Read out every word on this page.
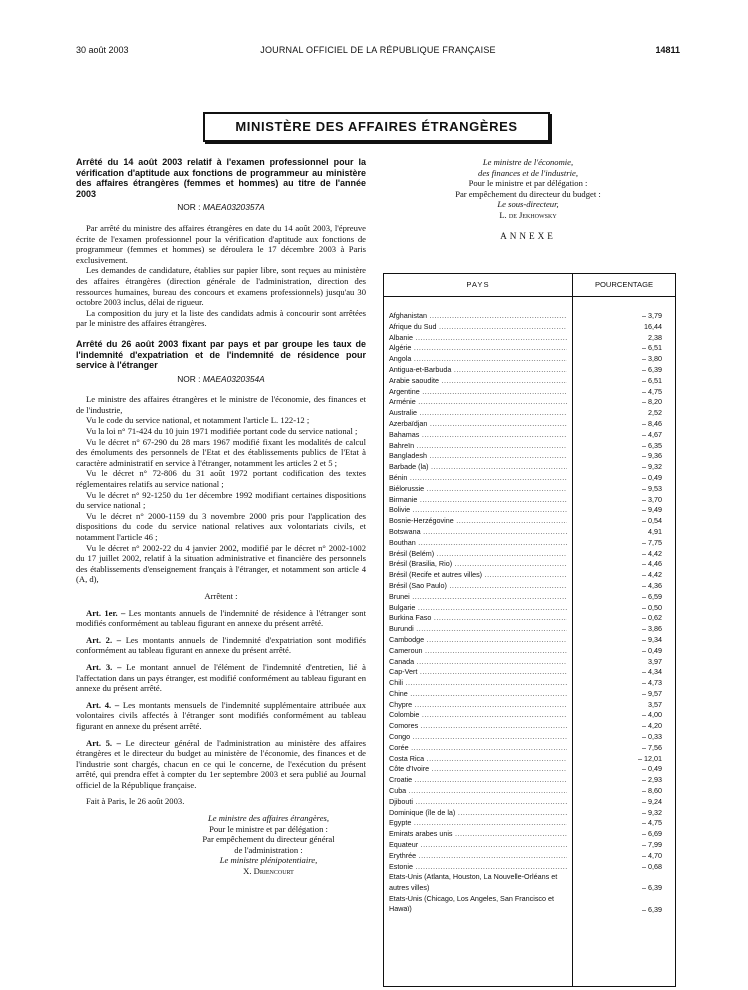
30 août 2003	JOURNAL OFFICIEL DE LA RÉPUBLIQUE FRANÇAISE	14811
MINISTÈRE DES AFFAIRES ÉTRANGÈRES

Arrêté du 14 août 2003 relatif à l'examen professionnel pour la vérification d'aptitude aux fonctions de programmeur au ministère des affaires étrangères (femmes et hommes) au titre de l'année 2003

NOR : MAEA0320357A

Par arrêté du ministre des affaires étrangères en date du 14 août 2003, l'épreuve écrite de l'examen professionnel pour la vérification d'aptitude aux fonctions de programmeur (femmes et hommes) se déroulera le 17 décembre 2003 à Paris exclusivement.

Les demandes de candidature, établies sur papier libre, sont reçues au ministère des affaires étrangères (direction générale de l'administration, direction des ressources humaines, bureau des concours et examens professionnels) jusqu'au 30 octobre 2003 inclus, délai de rigueur.

La composition du jury et la liste des candidats admis à concourir sont arrêtées par le ministre des affaires étrangères.

Arrêté du 26 août 2003 fixant par pays et par groupe les taux de l'indemnité d'expatriation et de l'indemnité de résidence pour service à l'étranger

NOR : MAEA0320354A

Le ministre des affaires étrangères et le ministre de l'économie, des finances et de l'industrie,

Vu le code du service national, et notamment l'article L. 122-12 ;

Vu la loi n° 71-424 du 10 juin 1971 modifiée portant code du service national ;

Vu le décret n° 67-290 du 28 mars 1967 modifié fixant les modalités de calcul des émoluments des personnels de l'Etat et des établissements publics de l'Etat à caractère administratif en service à l'étranger, notamment les articles 2 et 5 ;

Vu le décret n° 72-806 du 31 août 1972 portant codification des textes réglementaires relatifs au service national ;

Vu le décret n° 92-1250 du 1er décembre 1992 modifiant certaines dispositions du service national ;

Vu le décret n° 2000-1159 du 3 novembre 2000 pris pour l'application des dispositions du code du service national relatives aux volontariats civils, et notamment l'article 46 ;

Vu le décret n° 2002-22 du 4 janvier 2002, modifié par le décret n° 2002-1002 du 17 juillet 2002, relatif à la situation administrative et financière des personnels des établissements d'enseignement français à l'étranger, et notamment son article 4 (A, d),

Arrêtent :

Art. 1er. – Les montants annuels de l'indemnité de résidence à l'étranger sont modifiés conformément au tableau figurant en annexe du présent arrêté.

Art. 2. – Les montants annuels de l'indemnité d'expatriation sont modifiés conformément au tableau figurant en annexe du présent arrêté.

Art. 3. – Le montant annuel de l'élément de l'indemnité d'entretien, lié à l'affectation dans un pays étranger, est modifié conformément au tableau figurant en annexe du présent arrêté.

Art. 4. – Les montants mensuels de l'indemnité supplémentaire attribuée aux volontaires civils affectés à l'étranger sont modifiés conformément au tableau figurant en annexe du présent arrêté.

Art. 5. – Le directeur général de l'administration au ministère des affaires étrangères et le directeur du budget au ministère de l'économie, des finances et de l'industrie sont chargés, chacun en ce qui le concerne, de l'exécution du présent arrêté, qui prendra effet à compter du 1er septembre 2003 et sera publié au Journal officiel de la République française.

Fait à Paris, le 26 août 2003.

Le ministre des affaires étrangères,
Pour le ministre et par délégation :
Par empêchement du directeur général
de l'administration :
Le ministre plénipotentiaire,
X. Driencourt
Le ministre de l'économie,
des finances et de l'industrie,
Pour le ministre et par délégation :
Par empêchement du directeur du budget :
Le sous-directeur,
L. de Jekhowsky
ANNEXE
PAYS	POURCENTAGE
Afghanistan .....	– 3,79
Afrique du Sud .....	16,44
Albanie .....	2,38
Algérie .....	– 6,51
Angola .....	– 3,80
Antigua-et-Barbuda .....	– 6,39
Arabie saoudite .....	– 6,51
Argentine .....	– 4,75
Arménie .....	– 8,20
Australie .....	2,52
Azerbaïdjan .....	– 8,46
Bahamas .....	– 4,67
Bahreïn .....	– 6,35
Bangladesh .....	– 9,36
Barbade (la) .....	– 9,32
Bénin .....	– 0,49
Biélorussie .....	– 9,53
Birmanie .....	– 3,70
Bolivie .....	– 9,49
Bosnie-Herzégovine .....	– 0,54
Botswana .....	4,91
Bouthan .....	– 7,75
Brésil (Belém) .....	– 4,42
Brésil (Brasilia, Rio) .....	– 4,46
Brésil (Recife et autres villes) .....	– 4,42
Brésil (Sao Paulo) .....	– 4,36
Brunei .....	– 6,59
Bulgarie .....	– 0,50
Burkina Faso .....	– 0,62
Burundi .....	– 3,86
Cambodge .....	– 9,34
Cameroun .....	– 0,49
Canada .....	3,97
Cap-Vert .....	– 4,34
Chili .....	– 4,73
Chine .....	– 9,57
Chypre .....	3,57
Colombie .....	– 4,00
Comores .....	– 4,20
Congo .....	– 0,33
Corée .....	– 7,56
Costa Rica .....	– 12,01
Côte d'Ivoire .....	– 0,49
Croatie .....	– 2,93
Cuba .....	– 8,60
Djibouti .....	– 9,24
Dominique (île de la) .....	– 9,32
Egypte .....	– 4,75
Emirats arabes unis .....	– 6,69
Equateur .....	– 7,99
Erythrée .....	– 4,70
Estonie .....	– 0,68
Etats-Unis (Atlanta, Houston, La Nouvelle-Orléans et autres villes)	– 6,39
Etats-Unis (Chicago, Los Angeles, San Francisco et Hawaï)	– 6,39
